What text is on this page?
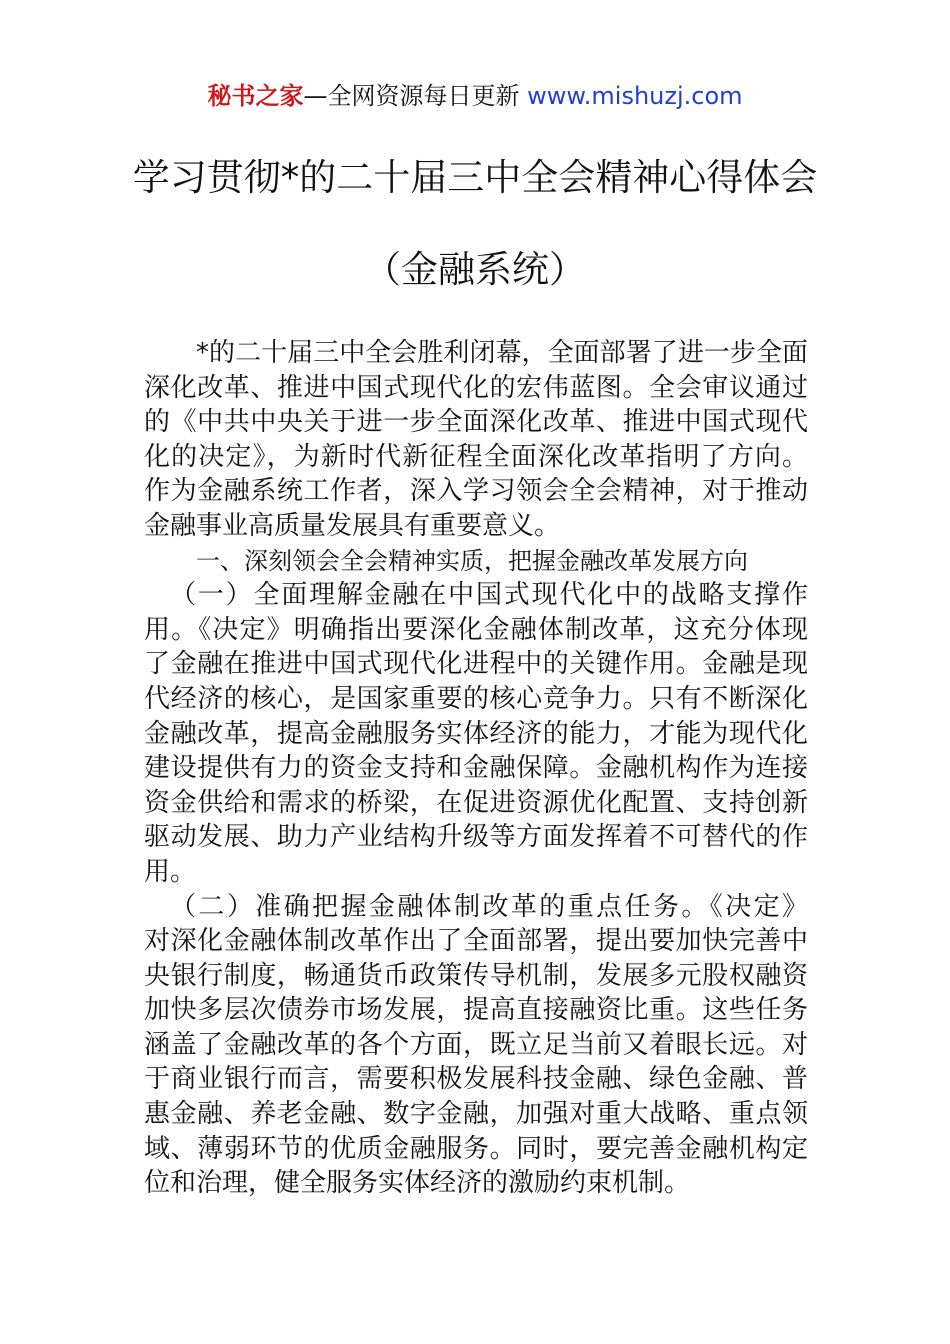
秘书之家—全网资源每日更新 www.mishuzj.com
学习贯彻*的二十届三中全会精神心得体会
（金融系统）
*的二十届三中全会胜利闭幕，全面部署了进一步全面
深化改革、推进中国式现代化的宏伟蓝图。全会审议通过
的《中共中央关于进一步全面深化改革、推进中国式现代
化的决定》，为新时代新征程全面深化改革指明了方向。
作为金融系统工作者，深入学习领会全会精神，对于推动
金融事业高质量发展具有重要意义。
一、深刻领会全会精神实质，把握金融改革发展方向
（一）全面理解金融在中国式现代化中的战略支撑作
用。《决定》明确指出要深化金融体制改革，这充分体现
了金融在推进中国式现代化进程中的关键作用。金融是现
代经济的核心，是国家重要的核心竞争力。只有不断深化
金融改革，提高金融服务实体经济的能力，才能为现代化
建设提供有力的资金支持和金融保障。金融机构作为连接
资金供给和需求的桥梁，在促进资源优化配置、支持创新
驱动发展、助力产业结构升级等方面发挥着不可替代的作
用。
（二）准确把握金融体制改革的重点任务。《决定》
对深化金融体制改革作出了全面部署，提出要加快完善中
央银行制度，畅通货币政策传导机制，发展多元股权融资
加快多层次债券市场发展，提高直接融资比重。这些任务
涵盖了金融改革的各个方面，既立足当前又着眼长远。对
于商业银行而言，需要积极发展科技金融、绿色金融、普
惠金融、养老金融、数字金融，加强对重大战略、重点领
域、薄弱环节的优质金融服务。同时，要完善金融机构定
位和治理，健全服务实体经济的激励约束机制。
